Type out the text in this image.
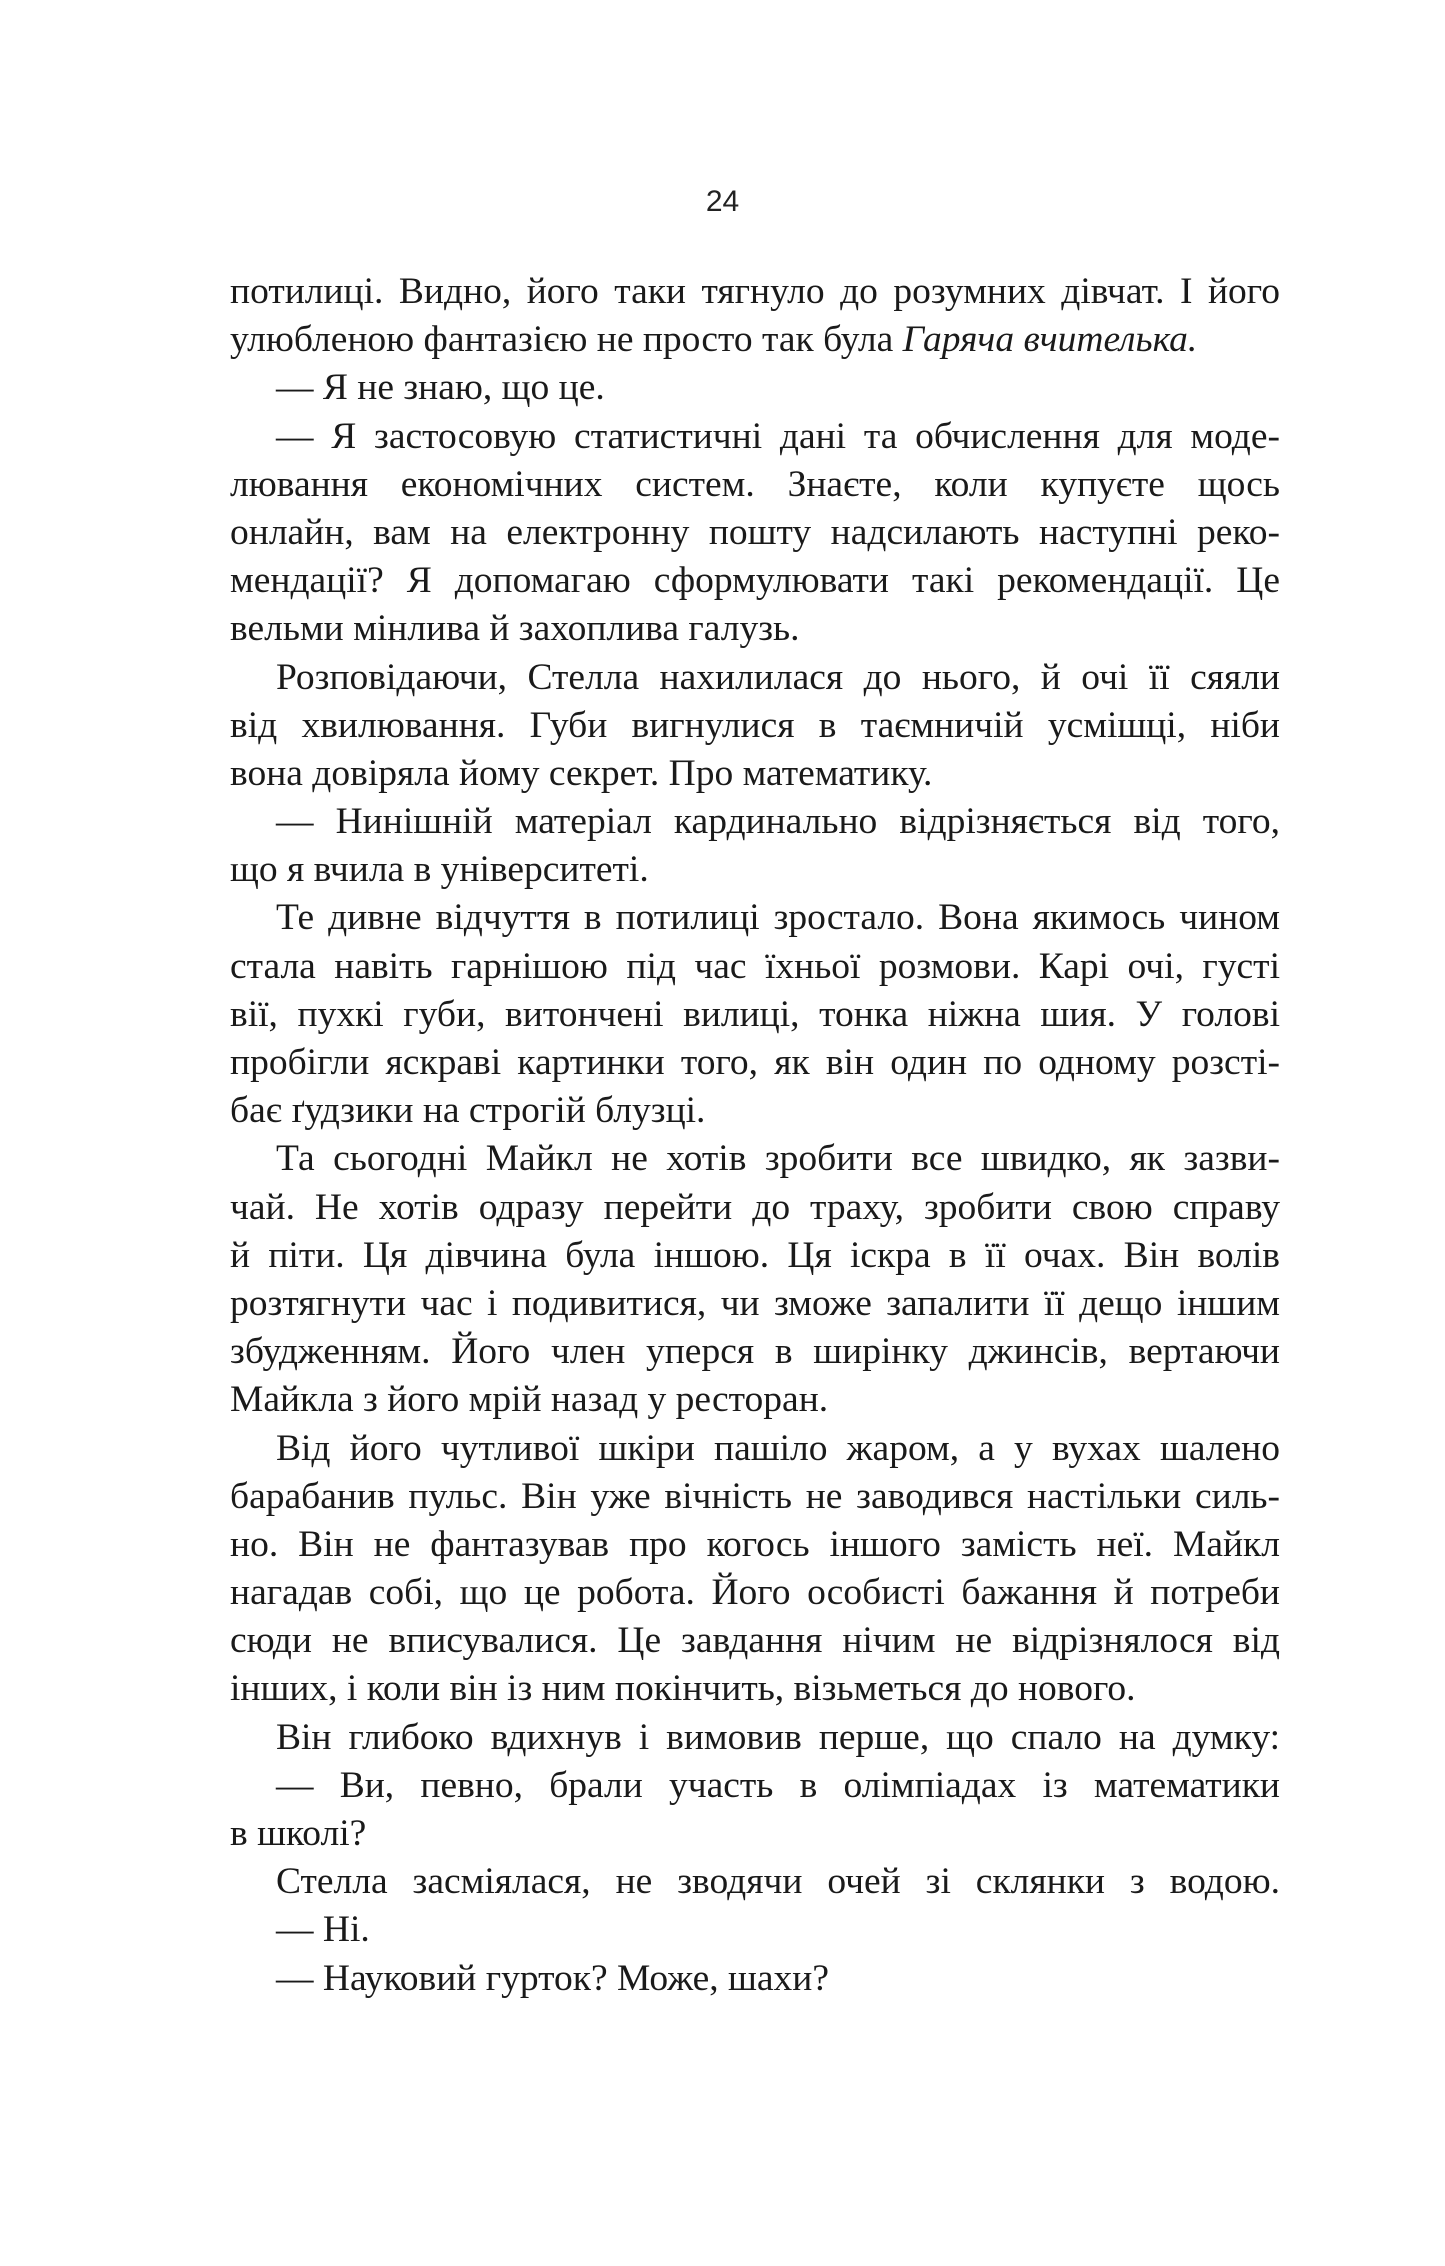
24
потилиці. Видно, його таки тягнуло до розумних дівчат. І його
улюбленою фантазією не просто так була Гаряча вчителька.
— Я не знаю, що це.
— Я застосовую статистичні дані та обчислення для моде-
лювання економічних систем. Знаєте, коли купуєте щось
онлайн, вам на електронну пошту надсилають наступні реко-
мендації? Я допомагаю сформулювати такі рекомендації. Це
вельми мінлива й захоплива галузь.
Розповідаючи, Стелла нахилилася до нього, й очі її сяяли
від хвилювання. Губи вигнулися в таємничій усмішці, ніби
вона довіряла йому секрет. Про математику.
— Нинішній матеріал кардинально відрізняється від того,
що я вчила в університеті.
Те дивне відчуття в потилиці зростало. Вона якимось чином
стала навіть гарнішою під час їхньої розмови. Карі очі, густі
вії, пухкі губи, витончені вилиці, тонка ніжна шия. У голові
пробігли яскраві картинки того, як він один по одному розсті-
бає ґудзики на строгій блузці.
Та сьогодні Майкл не хотів зробити все швидко, як зазви-
чай. Не хотів одразу перейти до траху, зробити свою справу
й піти. Ця дівчина була іншою. Ця іскра в її очах. Він волів
розтягнути час і подивитися, чи зможе запалити її дещо іншим
збудженням. Його член уперся в ширінку джинсів, вертаючи
Майкла з його мрій назад у ресторан.
Від його чутливої шкіри пашіло жаром, а у вухах шалено
барабанив пульс. Він уже вічність не заводився настільки силь-
но. Він не фантазував про когось іншого замість неї. Майкл
нагадав собі, що це робота. Його особисті бажання й потреби
сюди не вписувалися. Це завдання нічим не відрізнялося від
інших, і коли він із ним покінчить, візьметься до нового.
Він глибоко вдихнув і вимовив перше, що спало на думку:
— Ви, певно, брали участь в олімпіадах із математики
в школі?
Стелла засміялася, не зводячи очей зі склянки з водою.
— Ні.
— Науковий гурток? Може, шахи?
